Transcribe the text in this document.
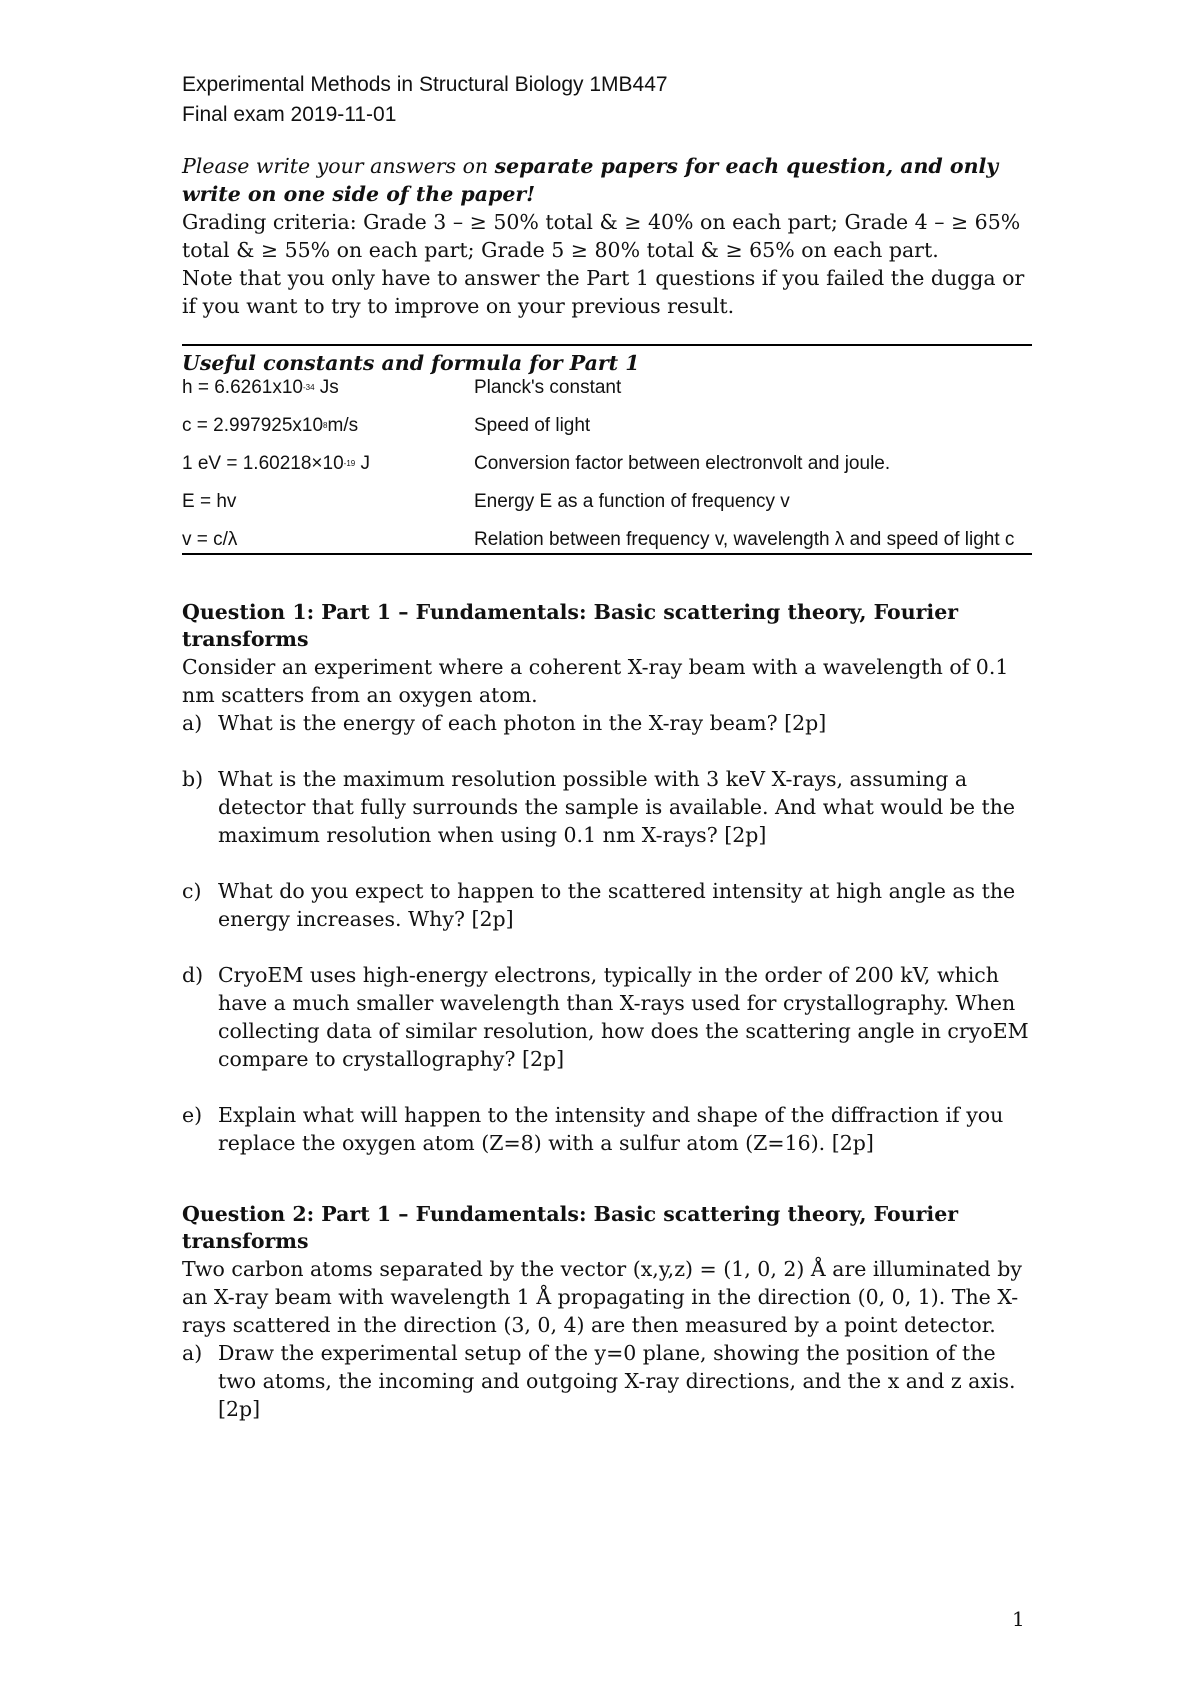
Experimental Methods in Structural Biology 1MB447
Final exam 2019-11-01
Please write your answers on separate papers for each question, and only write on one side of the paper!

Grading criteria: Grade 3 – ≥ 50% total & ≥ 40% on each part; Grade 4 – ≥ 65% total & ≥ 55% on each part; Grade 5 ≥ 80% total & ≥ 65% on each part.

Note that you only have to answer the Part 1 questions if you failed the dugga or if you want to try to improve on your previous result.

Useful constants and formula for Part 1
$h = 6.6261x10^{-34}$ Js	Planck's constant
$c = 2.997925x10^8m/s$	Speed of light
1 eV = $1.60218\times 10^{-19}$ J	Conversion factor between electronvolt and joule.
E = hv	Energy E as a function of frequency v
v = c/λ	Relation between frequency v, wavelength λ and speed of light c
Question 1: Part 1 – Fundamentals: Basic scattering theory, Fourier transforms
Consider an experiment where a coherent X-ray beam with a wavelength of 0.1 nm scatters from an oxygen atom.
a) What is the energy of each photon in the X-ray beam? [2p]
b) What is the maximum resolution possible with 3 keV X-rays, assuming a detector that fully surrounds the sample is available. And what would be the maximum resolution when using 0.1 nm X-rays? [2p]
c) What do you expect to happen to the scattered intensity at high angle as the energy increases. Why? [2p]
d) CryoEM uses high-energy electrons, typically in the order of 200 kV, which have a much smaller wavelength than X-rays used for crystallography. When collecting data of similar resolution, how does the scattering angle in cryoEM compare to crystallography? [2p]
e) Explain what will happen to the intensity and shape of the diffraction if you replace the oxygen atom (Z=8) with a sulfur atom (Z=16). [2p]
Question 2: Part 1 – Fundamentals: Basic scattering theory, Fourier transforms
Two carbon atoms separated by the vector (x,y,z) = (1, 0, 2) Å are illuminated by an X-ray beam with wavelength 1 Å propagating in the direction (0, 0, 1). The X-rays scattered in the direction (3, 0, 4) are then measured by a point detector.
a) Draw the experimental setup of the y=0 plane, showing the position of the two atoms, the incoming and outgoing X-ray directions, and the x and z axis. [2p]
1
